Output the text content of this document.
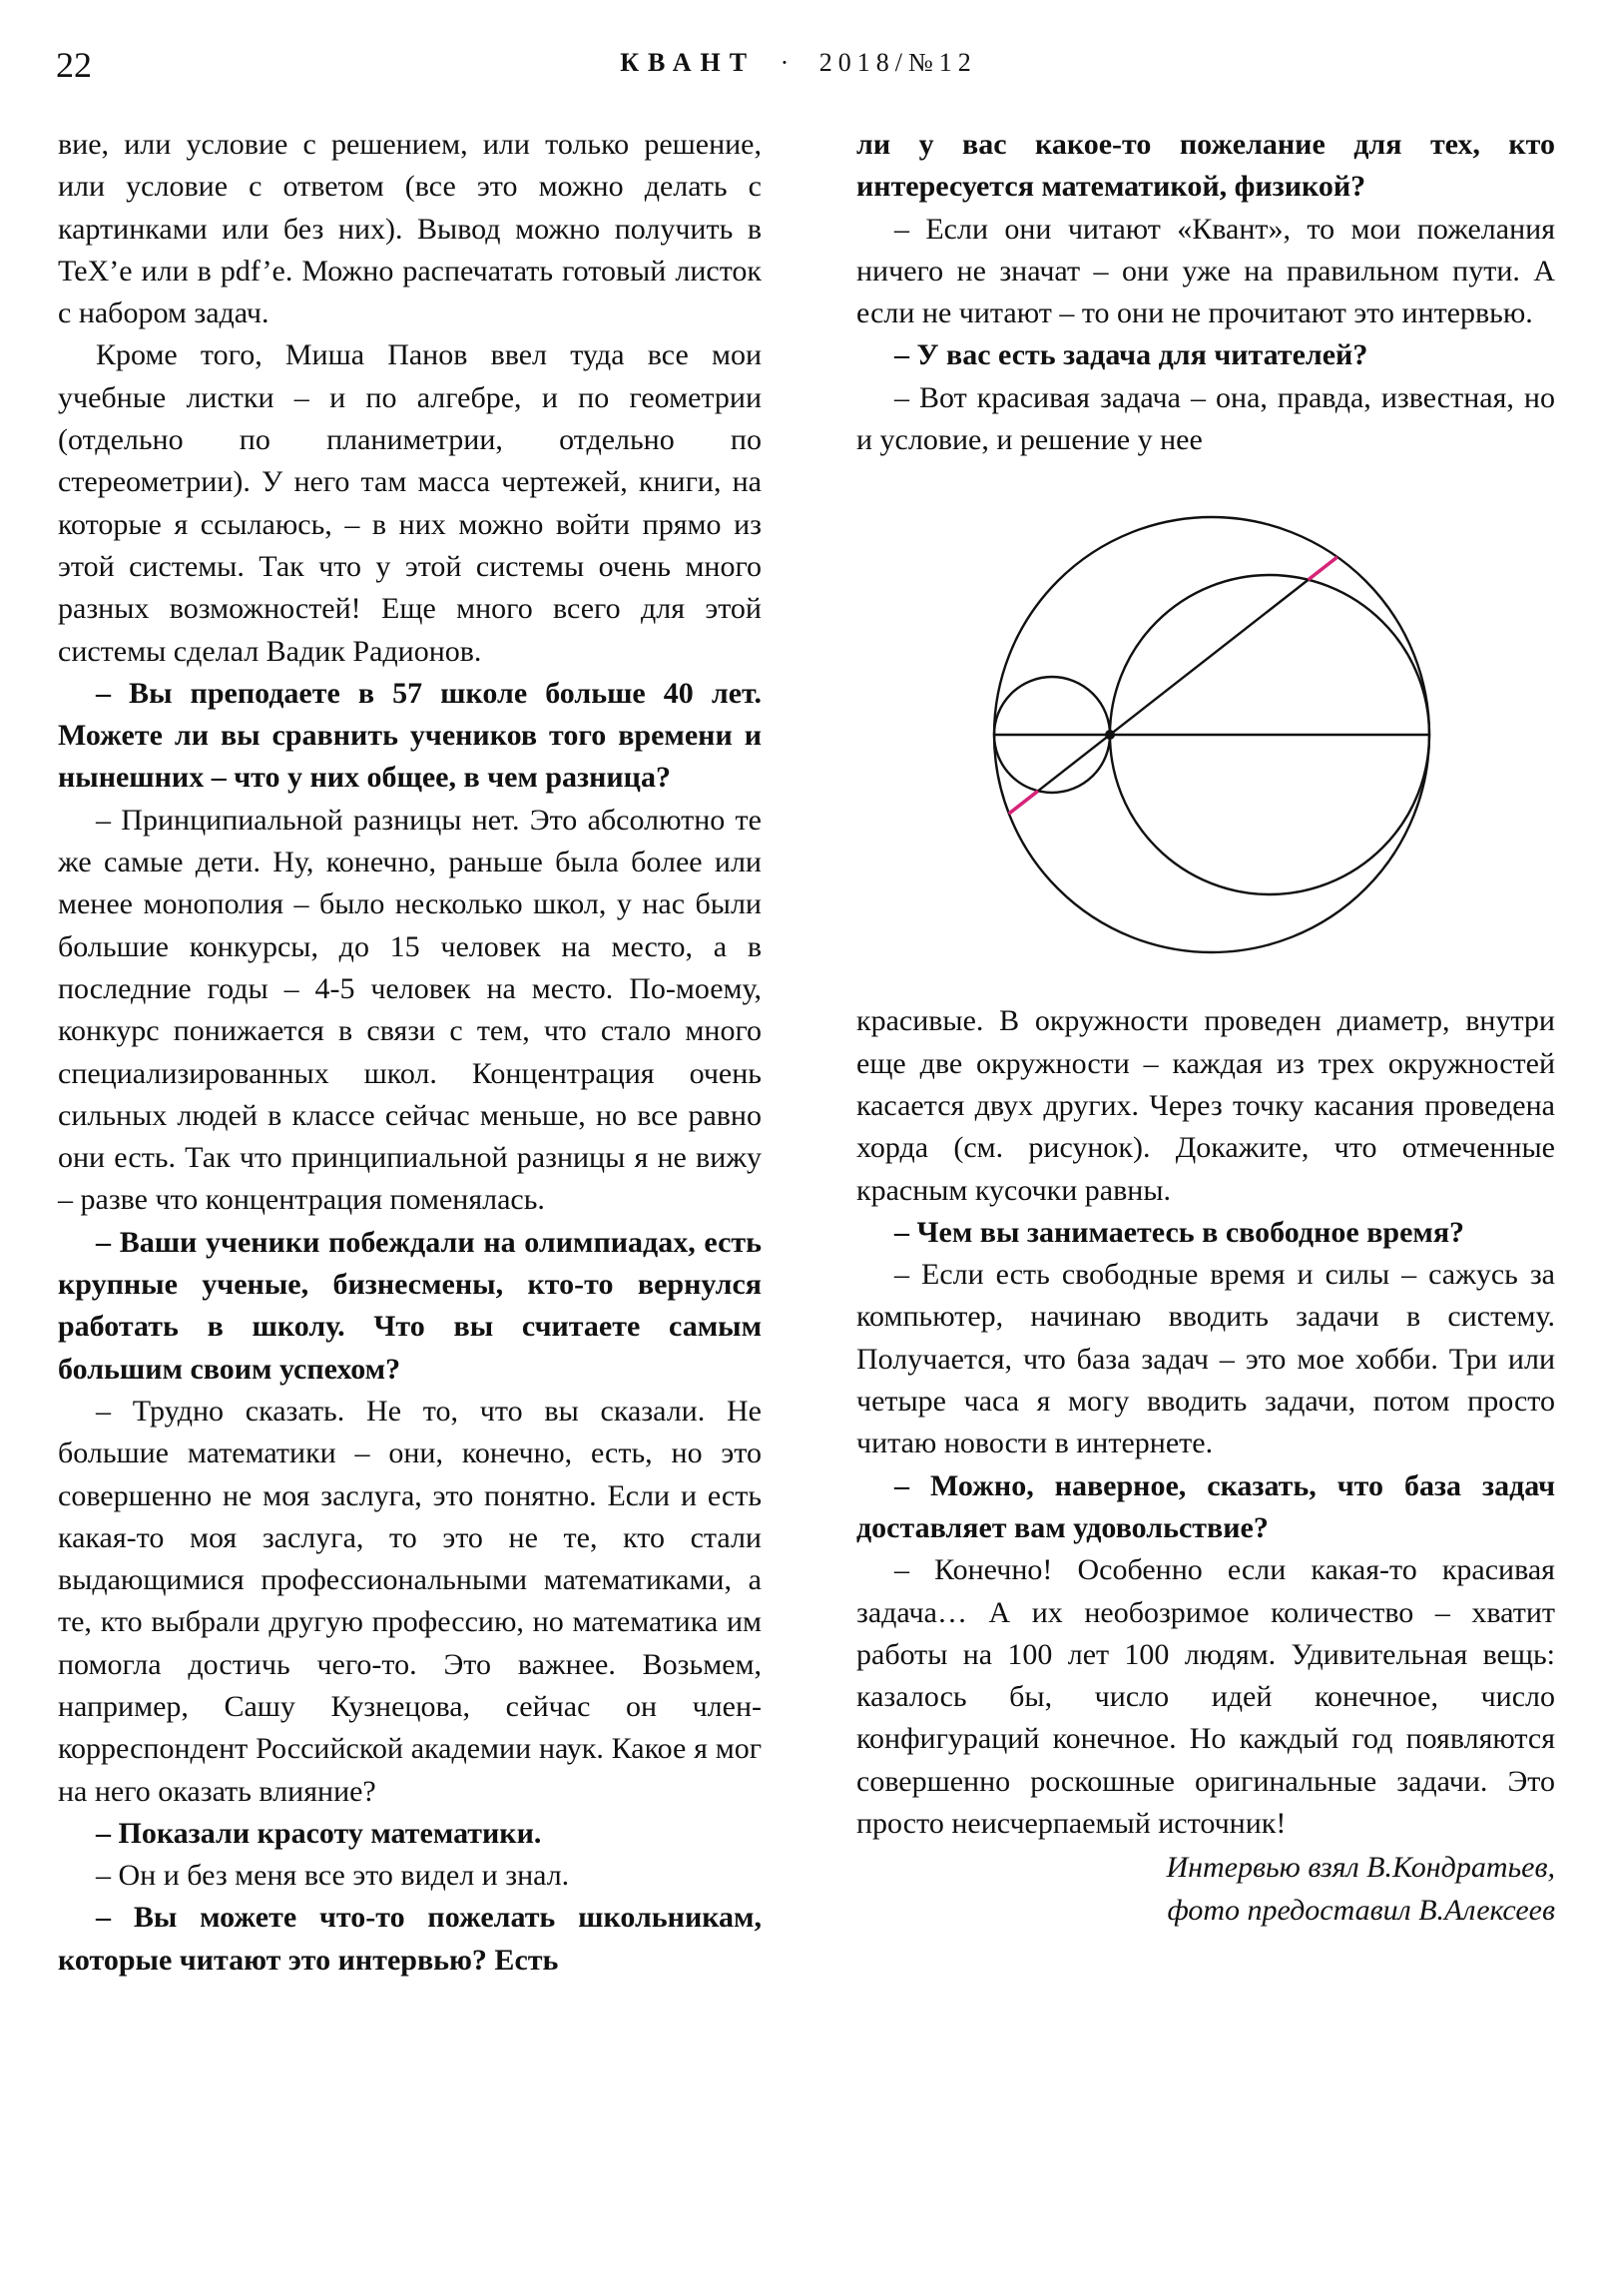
22	КВАНТ · 2018/№12

вие, или условие с решением, или только решение, или условие с ответом (все это можно делать с картинками или без них). Вывод можно получить в TeX’е или в pdf’е. Можно распечатать готовый листок с набором задач.

Кроме того, Миша Панов ввел туда все мои учебные листки – и по алгебре, и по геометрии (отдельно по планиметрии, отдельно по стереометрии). У него там масса чертежей, книги, на которые я ссылаюсь, – в них можно войти прямо из этой системы. Так что у этой системы очень много разных возможностей! Еще много всего для этой системы сделал Вадик Радионов.

– Вы преподаете в 57 школе больше 40 лет. Можете ли вы сравнить учеников того времени и нынешних – что у них общее, в чем разница?

– Принципиальной разницы нет. Это абсолютно те же самые дети. Ну, конечно, раньше была более или менее монополия – было несколько школ, у нас были большие конкурсы, до 15 человек на место, а в последние годы – 4-5 человек на место. По-моему, конкурс понижается в связи с тем, что стало много специализированных школ. Концентрация очень сильных людей в классе сейчас меньше, но все равно они есть. Так что принципиальной разницы я не вижу – разве что концентрация поменялась.

– Ваши ученики побеждали на олимпиадах, есть крупные ученые, бизнесмены, кто-то вернулся работать в школу. Что вы считаете самым большим своим успехом?

– Трудно сказать. Не то, что вы сказали. Не большие математики – они, конечно, есть, но это совершенно не моя заслуга, это понятно. Если и есть какая-то моя заслуга, то это не те, кто стали выдающимися профессиональными математиками, а те, кто выбрали другую профессию, но математика им помогла достичь чего-то. Это важнее. Возьмем, например, Сашу Кузнецова, сейчас он член-корреспондент Российской академии наук. Какое я мог на него оказать влияние?

– Показали красоту математики.

– Он и без меня все это видел и знал.

– Вы можете что-то пожелать школьникам, которые читают это интервью? Есть

ли у вас какое-то пожелание для тех, кто интересуется математикой, физикой?

– Если они читают «Квант», то мои пожелания ничего не значат – они уже на правильном пути. А если не читают – то они не прочитают это интервью.

– У вас есть задача для читателей?

– Вот красивая задача – она, правда, известная, но и условие, и решение у нее

красивые. В окружности проведен диаметр, внутри еще две окружности – каждая из трех окружностей касается двух других. Через точку касания проведена хорда (см. рисунок). Докажите, что отмеченные красным кусочки равны.

– Чем вы занимаетесь в свободное время?

– Если есть свободные время и силы – сажусь за компьютер, начинаю вводить задачи в систему. Получается, что база задач – это мое хобби. Три или четыре часа я могу вводить задачи, потом просто читаю новости в интернете.

– Можно, наверное, сказать, что база задач доставляет вам удовольствие?

– Конечно! Особенно если какая-то красивая задача… А их необозримое количество – хватит работы на 100 лет 100 людям. Удивительная вещь: казалось бы, число идей конечное, число конфигураций конечное. Но каждый год появляются совершенно роскошные оригинальные задачи. Это просто неисчерпаемый источник!

Интервью взял В.Кондратьев,
фото предоставил В.Алексеев
